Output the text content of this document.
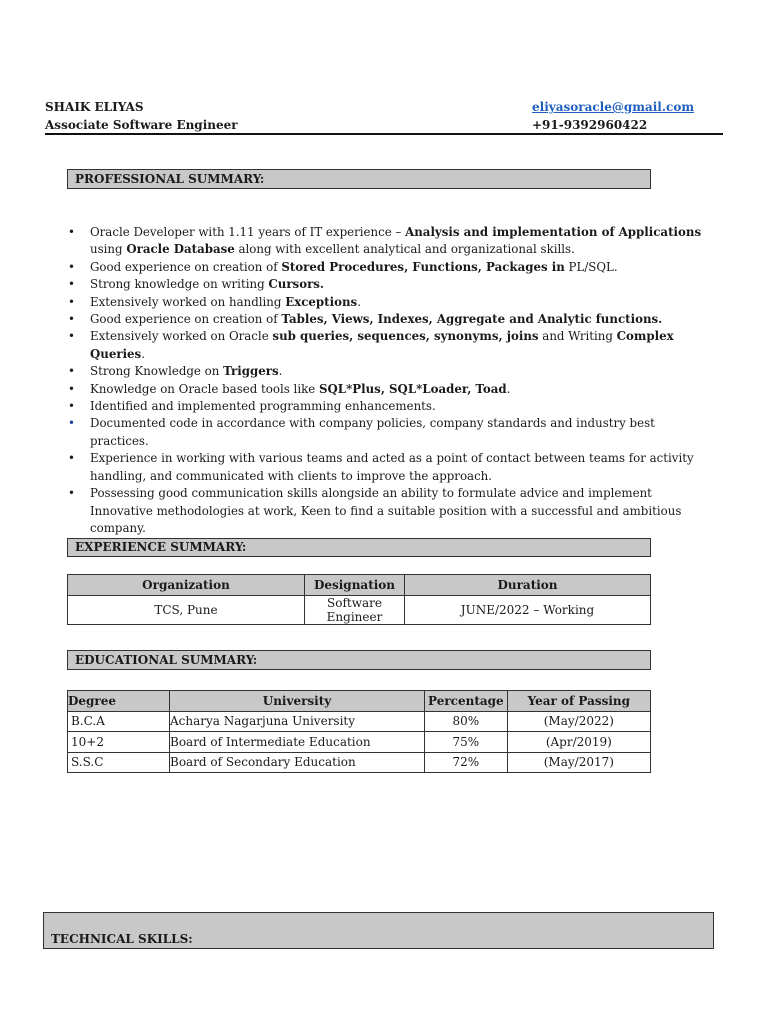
SHAIK ELIYAS
Associate Software Engineer
eliyasoracle@gmail.com
+91-9392960422
PROFESSIONAL SUMMARY:
• Oracle Developer with 1.11 years of IT experience – Analysis and implementation of Applications
using Oracle Database along with excellent analytical and organizational skills.
• Good experience on creation of Stored Procedures, Functions, Packages in PL/SQL.
• Strong knowledge on writing Cursors.
• Extensively worked on handling Exceptions.
• Good experience on creation of Tables, Views, Indexes, Aggregate and Analytic functions.
• Extensively worked on Oracle sub queries, sequences, synonyms, joins and Writing Complex Queries.
• Strong Knowledge on Triggers.
• Knowledge on Oracle based tools like SQL*Plus, SQL*Loader, Toad.
• Identified and implemented programming enhancements.
• Documented code in accordance with company policies, company standards and industry best practices.
• Experience in working with various teams and acted as a point of contact between teams for activity handling, and communicated with clients to improve the approach.
• Possessing good communication skills alongside an ability to formulate advice and implement Innovative methodologies at work, Keen to find a suitable position with a successful and ambitious company.
EXPERIENCE SUMMARY:
Organization	Designation	Duration
TCS, Pune	Software Engineer	JUNE/2022 – Working
EDUCATIONAL SUMMARY:
Degree	University	Percentage	Year of Passing
B.C.A	Acharya Nagarjuna University	80%	(May/2022)
10+2	Board of Intermediate Education	75%	(Apr/2019)
S.S.C	Board of Secondary Education	72%	(May/2017)
TECHNICAL SKILLS:
